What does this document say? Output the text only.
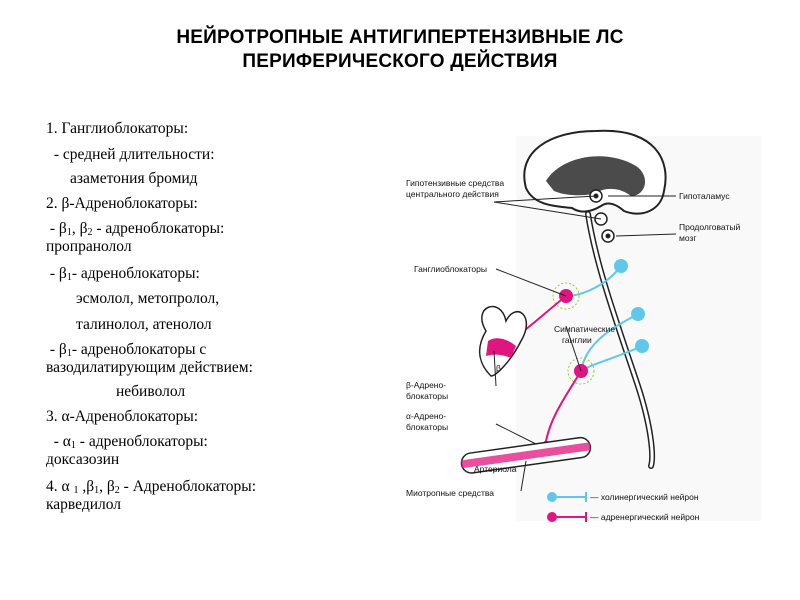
НЕЙРОТРОПНЫЕ АНТИГИПЕРТЕНЗИВНЫЕ ЛС
ПЕРИФЕРИЧЕСКОГО ДЕЙСТВИЯ
1. Ганглиоблокаторы:
- средней длительности:
азаметония бромид
2. β-Адреноблокаторы:
- $\beta_1$, $\beta_2$ - адреноблокаторы:
пропранолол
- $\beta_1-$ адреноблокаторы:
эсмолол, метопролол,
талинолол, атенолол
- $\beta_1-$ адреноблокаторы с
вазодилатирующим действием:
небиволол
3. α-Адреноблокаторы:
- $\alpha_1$ - адреноблокаторы:
доксазозин
4. α $_1$ $,\beta_1$, $\beta_2$ - Адреноблокаторы:
карведилол
β
Гипотензивные средства
центрального действия	Гипоталамус
Продолговатый
мозг
Ганглиоблокаторы
Симпатические
ганглии
β-Адрено-
блокаторы
α-Адрено-
блокаторы
Артериола
Миотропные средства	— холинергический нейрон
— адренергический нейрон
